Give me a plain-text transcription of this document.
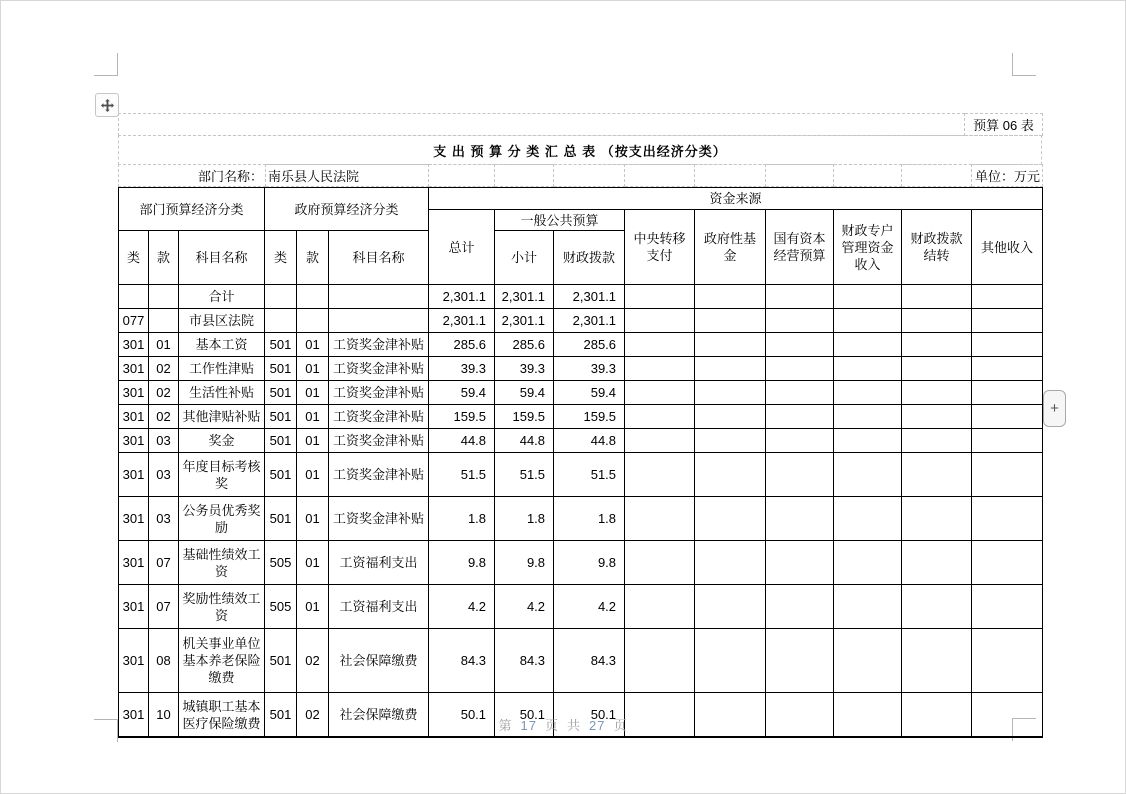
	预算 06 表
支 出 预 算 分 类 汇 总 表 （按支出经济分类）
部门名称：	南乐县人民法院									单位：万元
部门预算经济分类			政府预算经济分类			资金来源								
						总计	一般公共预算		中央转移支付	政府性基金	国有资本经营预算	财政专户管理资金收入	财政拨款结转	其他收入
类	款	科目名称	类	款	科目名称		小计	财政拨款						
		合计				2,301.1	2,301.1	2,301.1						
077		市县区法院				2,301.1	2,301.1	2,301.1						
301	01	基本工资	501	01	工资奖金津补贴	285.6	285.6	285.6						
301	02	工作性津贴	501	01	工资奖金津补贴	39.3	39.3	39.3						
301	02	生活性补贴	501	01	工资奖金津补贴	59.4	59.4	59.4						
301	02	其他津贴补贴	501	01	工资奖金津补贴	159.5	159.5	159.5						
301	03	奖金	501	01	工资奖金津补贴	44.8	44.8	44.8						
301	03	年度目标考核奖	501	01	工资奖金津补贴	51.5	51.5	51.5						
301	03	公务员优秀奖励	501	01	工资奖金津补贴	1.8	1.8	1.8						
301	07	基础性绩效工资	505	01	工资福利支出	9.8	9.8	9.8						
301	07	奖励性绩效工资	505	01	工资福利支出	4.2	4.2	4.2						
301	08	机关事业单位基本养老保险缴费	501	02	社会保障缴费	84.3	84.3	84.3						
301	10	城镇职工基本医疗保险缴费	501	02	社会保障缴费	50.1	50.1	50.1						
+
第 17 页 共 27 页
